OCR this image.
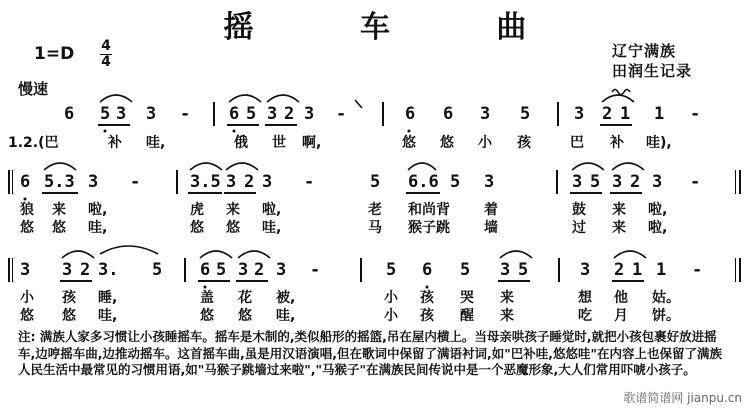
摇 车 曲
1=D 4
4
辽宁满族
田润生记录
慢速
6 5 3 3 - 6 5 3 2 3 -	6 6 3 5	3 2 1 1 -
1.2.(巴	补 哇,	俄 世 啊,	悠 悠 小 孩	巴 补 哇),
6 5.3 3 -	3.5 3 2 3 -	5 6.6 5 3	3 5 3 2 3 -
狼 来 啦,	虎 来 啦,	老 和尚背 着	鼓 来 啦,
悠 悠 哇,	悠 悠 哇,	马 猴子跳 墙	过 来 啦,
3 3 2 3. 5 6 5 3 2 3 -	5 6 5 3 5	3 2 1 1 -
小 孩 睡,	盖 花 被,	小 孩 哭 来	想 他 姑。
悠 悠 哇,	悠 悠 哇,	小 孩 醒 来	吃 月 饼。
注: 满族人家多习惯让小孩睡摇车。摇车是木制的,类似船形的摇篮,吊在屋内横上。当母亲哄孩子睡觉时,就把小孩包裹好放进摇车,边哼摇车曲,边推动摇车。这首摇车曲,虽是用汉语演唱,但在歌词中保留了满语衬词,如"巴补哇,悠悠哇"在内容上也保留了满族人民生活中最常见的习惯用语,如"马猴子跳墙过来啦","马猴子"在满族民间传说中是一个恶魔形象,大人们常用吓唬小孩子。
歌谱简谱网 jianpu.cn
